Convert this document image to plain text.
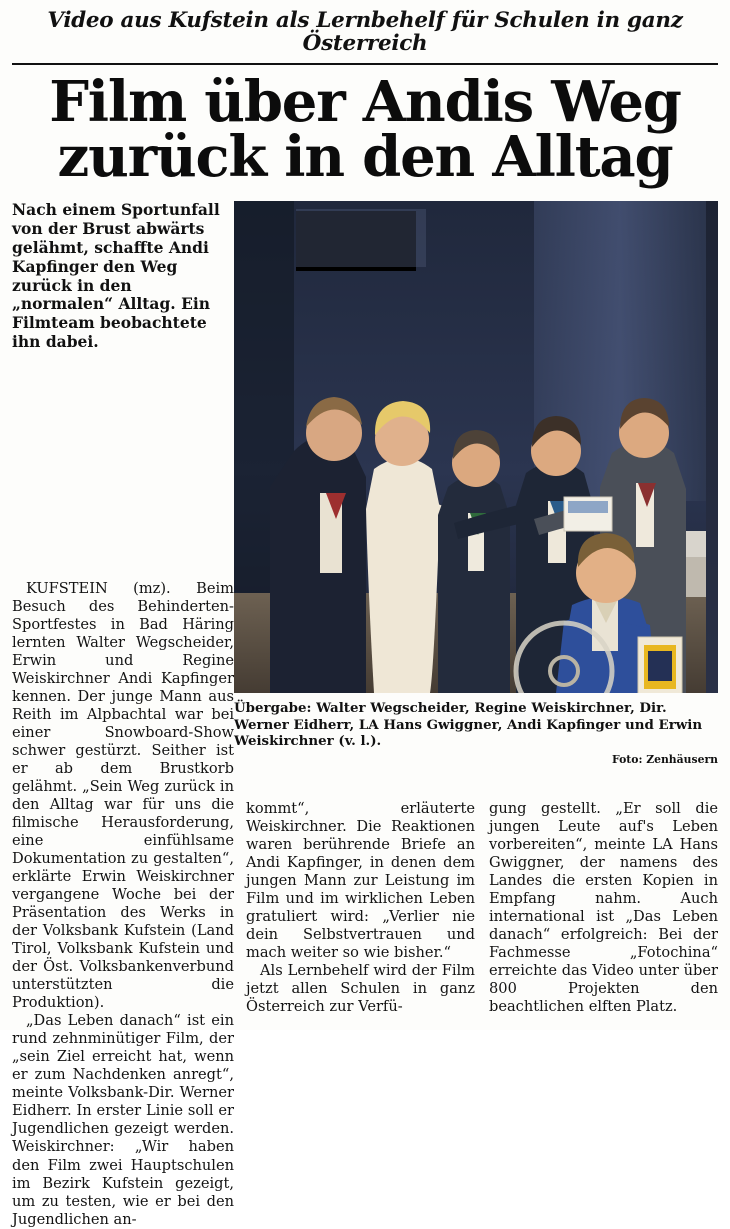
Video aus Kufstein als Lernbehelf für Schulen in ganz Österreich
Film über Andis Weg
zurück in den Alltag
Nach einem Sportunfall von der Brust abwärts gelähmt, schaffte Andi Kapfinger den Weg zurück in den „normalen“ Alltag. Ein Filmteam beobachtete ihn dabei.
Übergabe: Walter Wegscheider, Regine Weiskirchner, Dir. Werner Eidherr, LA Hans Gwiggner, Andi Kapfinger und Erwin Weiskirchner (v. l.).
Foto: Zenhäusern

KUFSTEIN (mz). Beim Besuch des Behinderten-Sportfestes in Bad Häring lernten Walter Wegscheider, Erwin und Regine Weiskirchner Andi Kapfinger kennen. Der junge Mann aus Reith im Alpbachtal war bei einer Snowboard-Show schwer gestürzt. Seither ist er ab dem Brustkorb gelähmt. „Sein Weg zurück in den Alltag war für uns die filmische Herausforderung, eine einfühlsame Dokumentation zu gestalten“, erklärte Erwin Weiskirchner vergangene Woche bei der Präsentation des Werks in der Volksbank Kufstein (Land Tirol, Volksbank Kufstein und der Öst. Volksbankenverbund unterstützten die Produktion).

„Das Leben danach“ ist ein rund zehnminütiger Film, der „sein Ziel erreicht hat, wenn er zum Nachdenken anregt“, meinte Volksbank-Dir. Werner Eidherr. In erster Linie soll er Jugendlichen gezeigt werden. Weiskirchner: „Wir haben den Film zwei Hauptschulen im Bezirk Kufstein gezeigt, um zu testen, wie er bei den Jugendlichen an-

kommt“, erläuterte Weiskirchner. Die Reaktionen waren berührende Briefe an Andi Kapfinger, in denen dem jungen Mann zur Leistung im Film und im wirklichen Leben gratuliert wird: „Verlier nie dein Selbstvertrauen und mach weiter so wie bisher.“

Als Lernbehelf wird der Film jetzt allen Schulen in ganz Österreich zur Verfü-

gung gestellt. „Er soll die jungen Leute auf's Leben vorbereiten“, meinte LA Hans Gwiggner, der namens des Landes die ersten Kopien in Empfang nahm. Auch international ist „Das Leben danach“ erfolgreich: Bei der Fachmesse „Fotochina“ erreichte das Video unter über 800 Projekten den beachtlichen elften Platz.
